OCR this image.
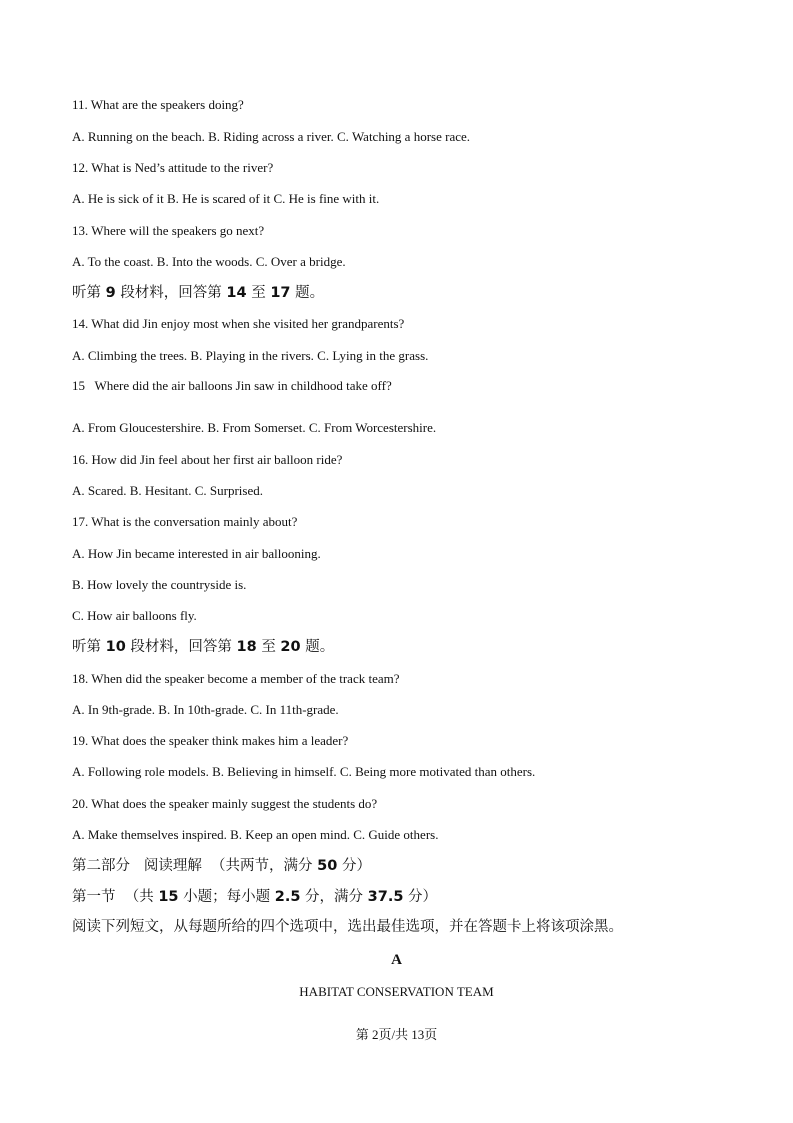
11. What are the speakers doing?
A. Running on the beach. B. Riding across a river. C. Watching a horse race.
12. What is Ned’s attitude to the river?
A. He is sick of it B. He is scared of it C. He is fine with it.
13. Where will the speakers go next?
A. To the coast. B. Into the woods. C. Over a bridge.
听第 9 段材料，回答第 14 至 17 题。
14. What did Jin enjoy most when she visited her grandparents?
A. Climbing the trees. B. Playing in the rivers. C. Lying in the grass.
15   Where did the air balloons Jin saw in childhood take off?
A. From Gloucestershire. B. From Somerset. C. From Worcestershire.
16. How did Jin feel about her first air balloon ride?
A. Scared. B. Hesitant. C. Surprised.
17. What is the conversation mainly about?
A. How Jin became interested in air ballooning.
B. How lovely the countryside is.
C. How air balloons fly.
听第 10 段材料，回答第 18 至 20 题。
18. When did the speaker become a member of the track team?
A. In 9th-grade. B. In 10th-grade. C. In 11th-grade.
19. What does the speaker think makes him a leader?
A. Following role models. B. Believing in himself. C. Being more motivated than others.
20. What does the speaker mainly suggest the students do?
A. Make themselves inspired. B. Keep an open mind. C. Guide others.
第二部分   阅读理解  （共两节，满分 50 分）
第一节  （共 15 小题；每小题 2.5 分，满分 37.5 分）
阅读下列短文，从每题所给的四个选项中，选出最佳选项，并在答题卡上将该项涂黑。
A
HABITAT CONSERVATION TEAM
第 2页/共 13页
